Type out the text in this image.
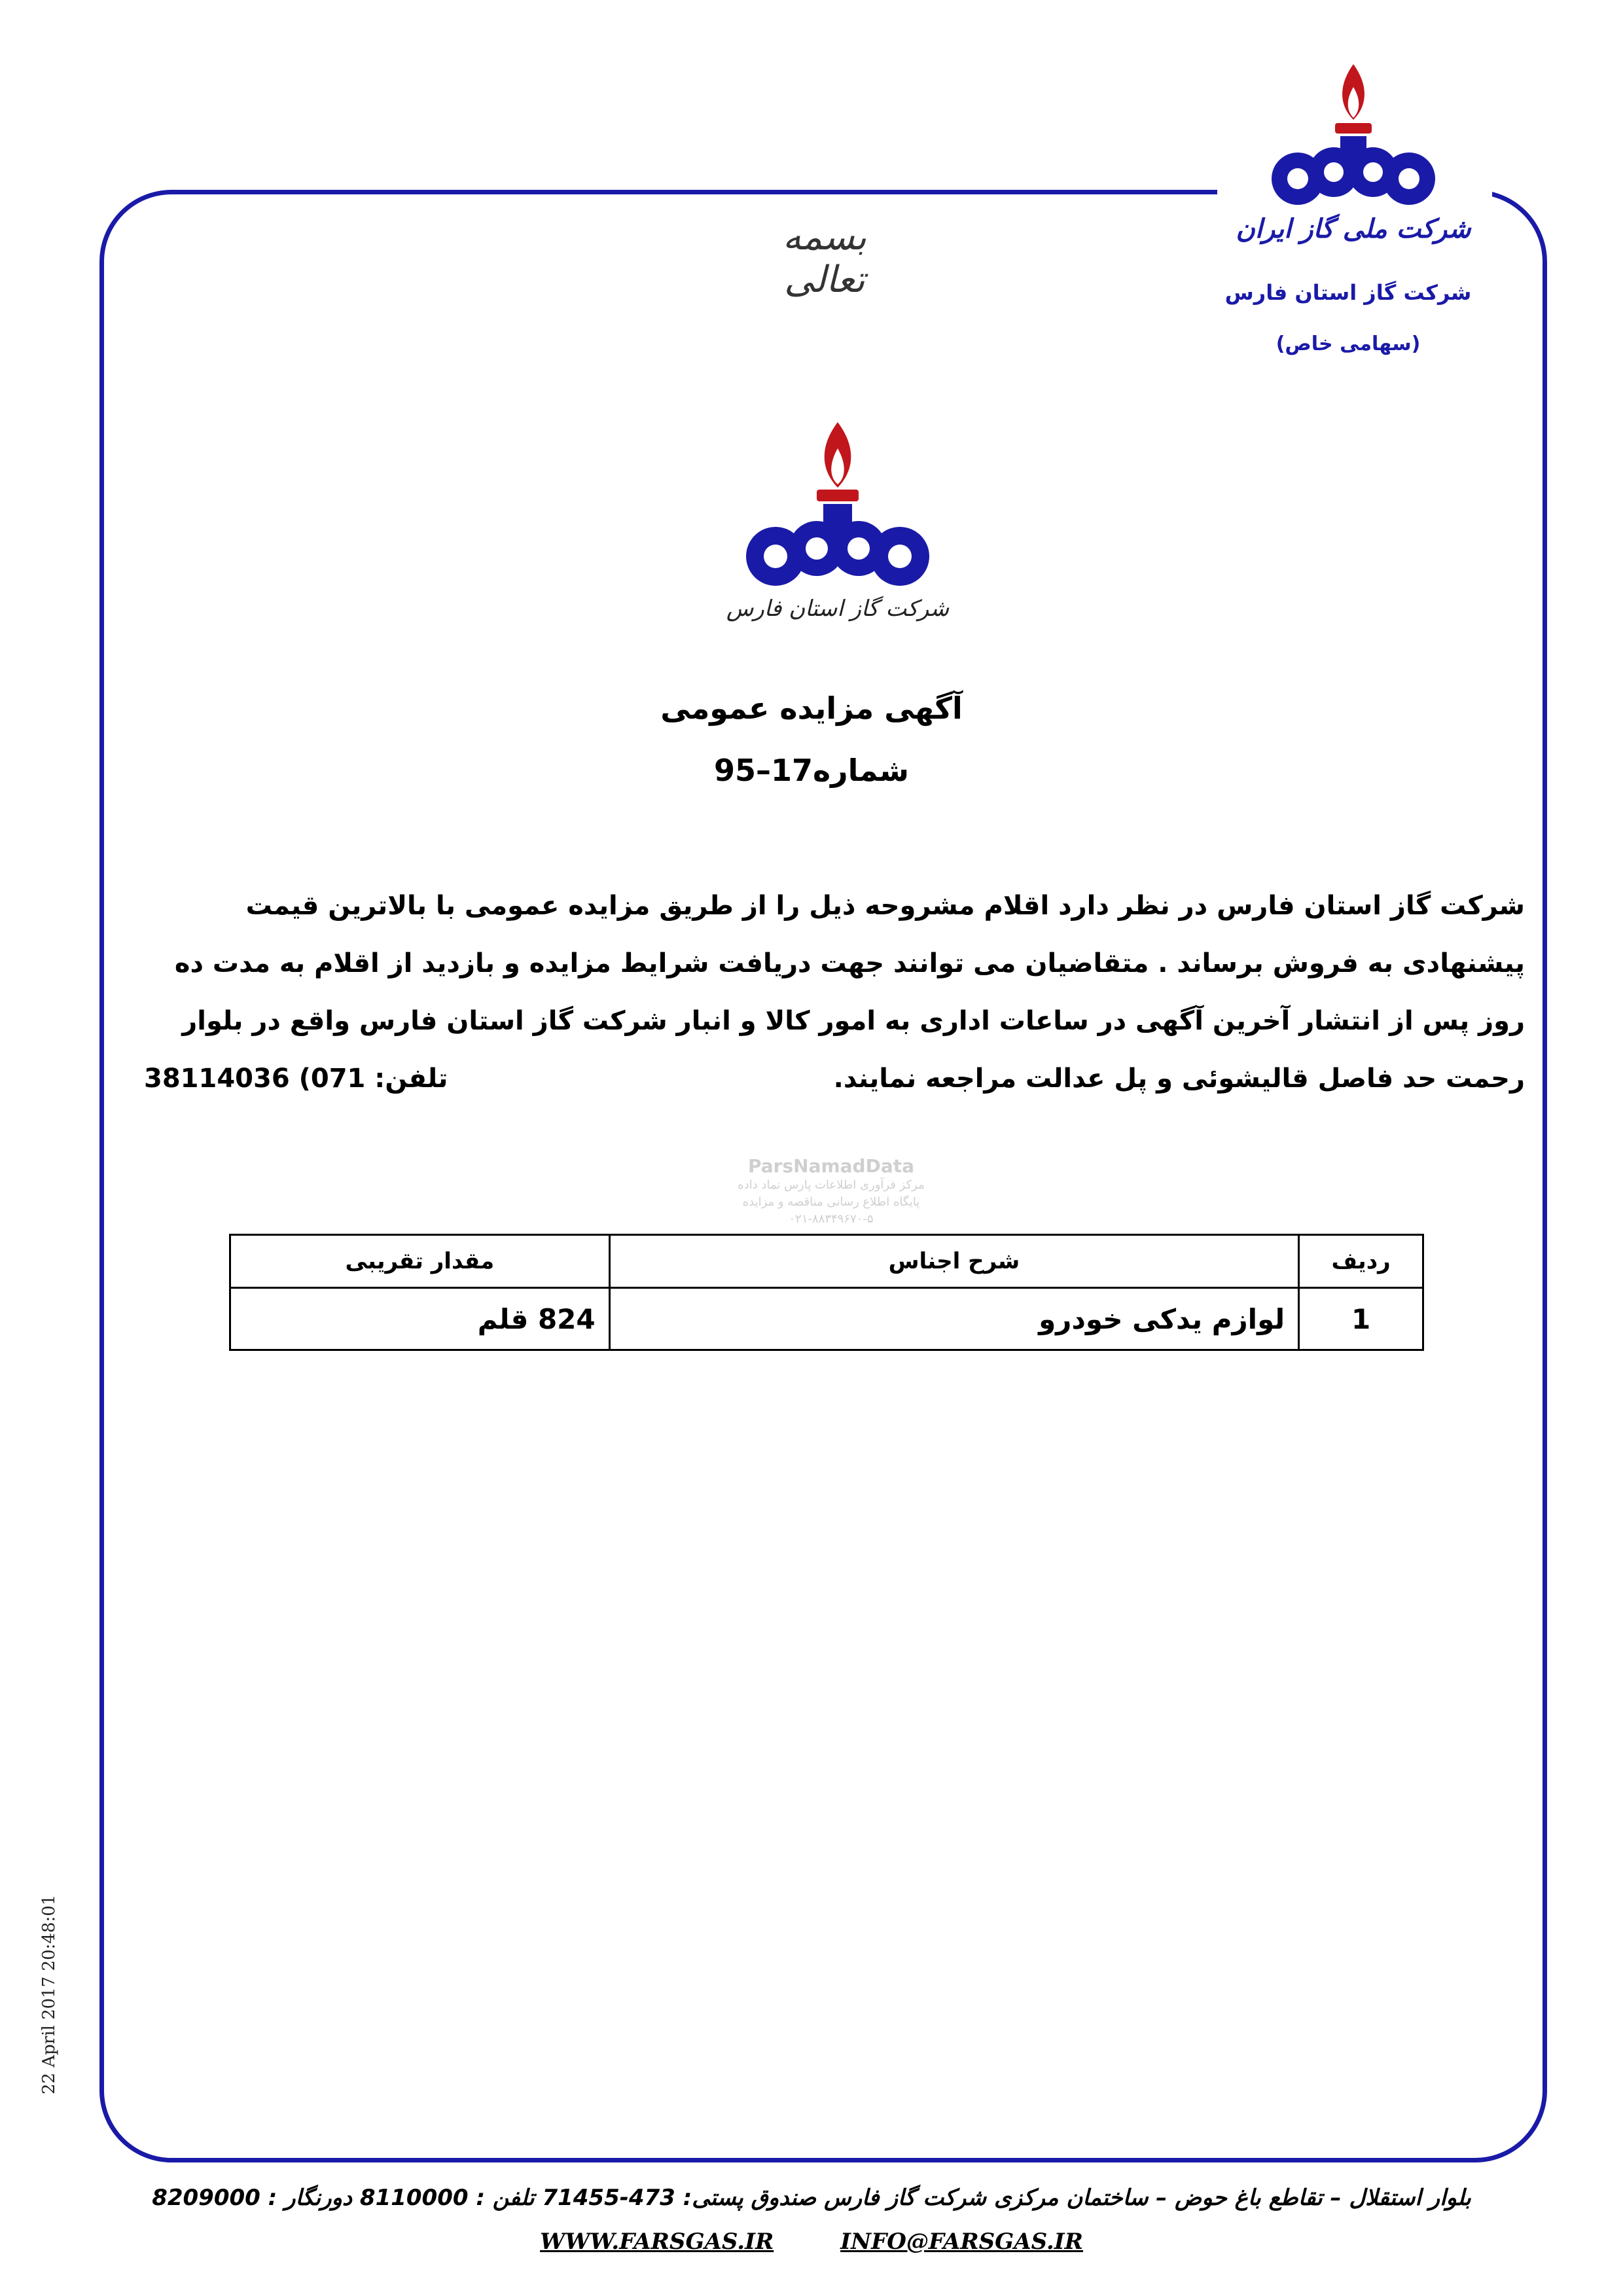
شرکت ملی گاز ایران
شرکت گاز استان فارس
(سهامی خاص)
بسمه تعالی
شرکت گاز استان فارس
آگهی مزایده عمومی
شماره17–95
ParsNamadData
مرکز فرآوری اطلاعات پارس نماد داده
پایگاه اطلاع رسانی مناقصه و مزایده
۰۲۱-۸۸۳۴۹۶۷۰-۵

شرکت گاز استان فارس در نظر دارد اقلام مشروحه ذیل را از طریق مزایده عمومی با بالاترین قیمت

پیشنهادی به فروش برساند . متقاضیان می توانند جهت دریافت شرایط مزایده و بازدید از اقلام به مدت ده

روز پس از انتشار آخرین آگهی در ساعات اداری به امور کالا و انبار شرکت گاز استان فارس واقع در بلوار

رحمت حد فاصل قالیشوئی و پل عدالت مراجعه نمایند.
تلفن: 38114036 (071

ردیف	شرح اجناس	مقدار تقریبی
1	لوازم یدکی خودرو	824 قلم
22 April 2017 20:48:01
بلوار استقلال – تقاطع باغ حوض – ساختمان مرکزی شرکت گاز فارس صندوق پستی: 473-71455 تلفن : 8110000 دورنگار : 8209000
WWW.FARSGAS.IR	INFO@FARSGAS.IR
